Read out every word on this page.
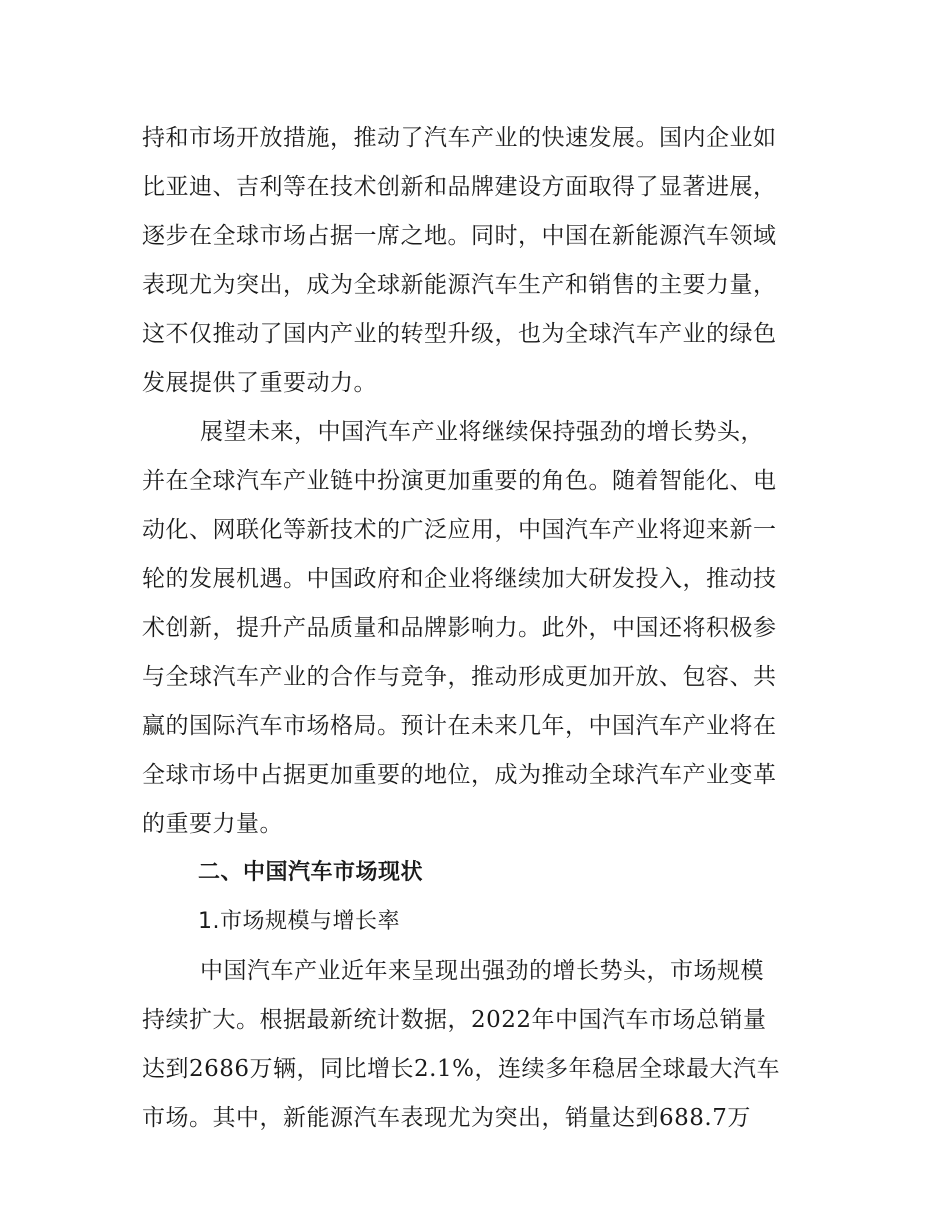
持和市场开放措施，推动了汽车产业的快速发展。国内企业如
比亚迪、吉利等在技术创新和品牌建设方面取得了显著进展，
逐步在全球市场占据一席之地。同时，中国在新能源汽车领域
表现尤为突出，成为全球新能源汽车生产和销售的主要力量，
这不仅推动了国内产业的转型升级，也为全球汽车产业的绿色
发展提供了重要动力。
展望未来，中国汽车产业将继续保持强劲的增长势头，
并在全球汽车产业链中扮演更加重要的角色。随着智能化、电
动化、网联化等新技术的广泛应用，中国汽车产业将迎来新一
轮的发展机遇。中国政府和企业将继续加大研发投入，推动技
术创新，提升产品质量和品牌影响力。此外，中国还将积极参
与全球汽车产业的合作与竞争，推动形成更加开放、包容、共
赢的国际汽车市场格局。预计在未来几年，中国汽车产业将在
全球市场中占据更加重要的地位，成为推动全球汽车产业变革
的重要力量。
二、中国汽车市场现状
1.市场规模与增长率
中国汽车产业近年来呈现出强劲的增长势头，市场规模
持续扩大。根据最新统计数据，2022年中国汽车市场总销量
达到2686万辆，同比增长2.1%，连续多年稳居全球最大汽车
市场。其中，新能源汽车表现尤为突出，销量达到688.7万
